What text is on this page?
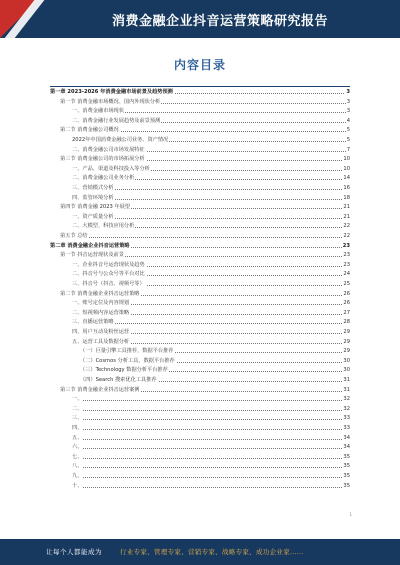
消费金融企业抖音运营策略研究报告
内容目录
第一章 2023-2026 年消费金融市场前景及趋势预测	3
第一节 消费金融市场概况、国内外现状分析	3
一、消费金融市场现状	3
二、消费金融行业发展趋势及前景预测	4
第二节 消费金融公司概况	5
2022年中国消费金融公司业务、资产情况	5
二、消费金融公司市场发展特征	7
第三节 消费金融公司的市场拓展分析	10
一、产品、渠道及科技投入等分析	10
二、消费金融公司业务分析	14
三、营销模式分析	16
四、监管环境分析	18
第四节 消费金融 2023 年展望	21
一、资产质量分析	21
二、大模型、科技应用分析	22
第五节 总结	22
第二章 消费金融企业抖音运营策略	23
第一节 抖音运营现状及前景	23
一、企业抖音号运营现状及趋势	23
二、抖音号与公众号等平台对比	24
三、抖音号（抖音、视频号等）	25
第二节 消费金融企业抖音运营策略	26
一、账号定位及内容规划	26
二、短视频内容运营策略	27
三、直播运营策略	28
四、用户互动及粉丝运营	29
五、运营工具及数据分析	29
（一）巨量引擎工具推荐，数据平台推荐	29
（二）Cosmos 分析工具，数据平台推荐	30
（三）Technology 数据分析平台推荐	30
（四）Search 搜索优化工具推荐	31
第三节 消费金融企业抖音运营案例	31
一、	32
二、	32
三、	33
四、	33
五、	34
六、	34
七、	35
八、	35
九、	35
十、	35
1
让每个人都能成为	行业专家、管理专家、营销专家、战略专家、成功企业家……
